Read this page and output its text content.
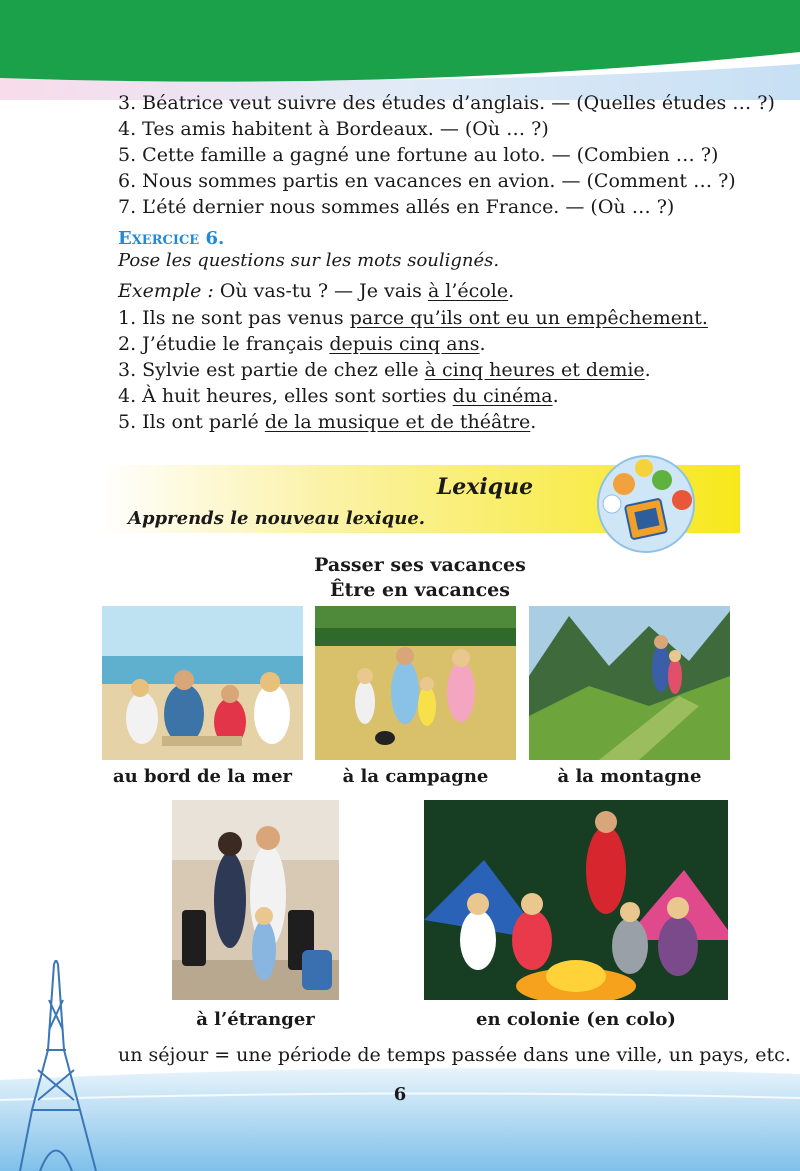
3. Béatrice veut suivre des études d’anglais. — (Quelles études … ?)
4. Tes amis habitent à Bordeaux. — (Où … ?)
5. Cette famille a gagné une fortune au loto. — (Combien … ?)
6. Nous sommes partis en vacances en avion. — (Comment … ?)
7. L’été dernier nous sommes allés en France. — (Où … ?)
Exercice 6.
Pose les questions sur les mots soulignés.
Exemple : Où vas-tu ? — Je vais à l’école.
1. Ils ne sont pas venus parce qu’ils ont eu un empêchement.
2. J’étudie le français depuis cinq ans.
3. Sylvie est partie de chez elle à cinq heures et demie.
4. À huit heures, elles sont sorties du cinéma.
5. Ils ont parlé de la musique et de théâtre.
Lexique
Apprends le nouveau lexique.
Passer ses vacances
Être en vacances
au bord de la mer	à la campagne	à la montagne
à l’étranger	en colonie (en colo)
un séjour = une période de temps passée dans une ville, un pays, etc.
6
